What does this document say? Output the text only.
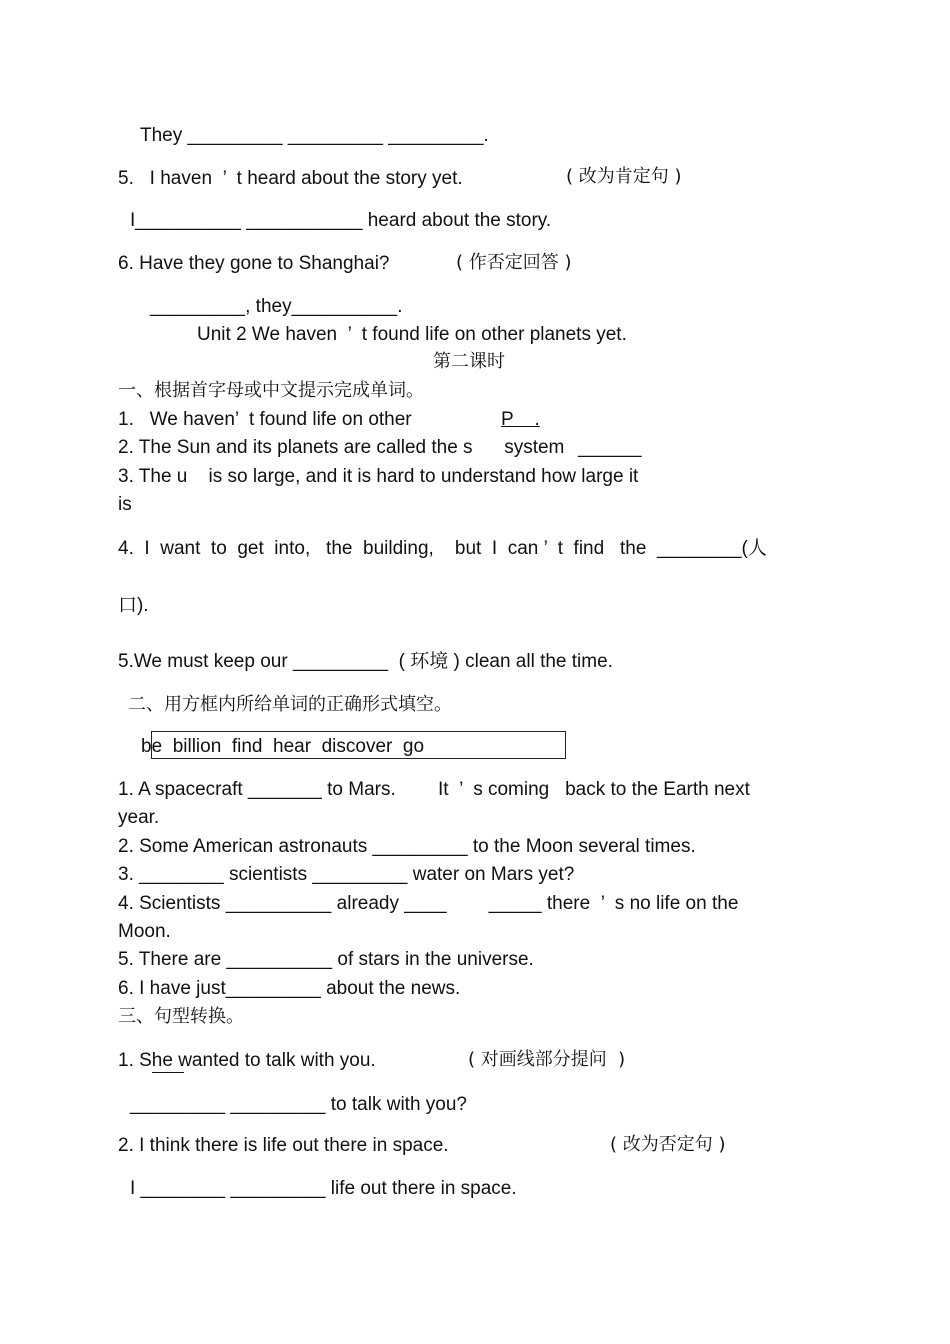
They _________ _________ _________.
5.   I haven  ’  t heard about the story yet.	( 改为肯定句 )
I__________ ___________ heard about the story.
6. Have they gone to Shanghai?	( 作否定回答 )
_________, they__________.
Unit 2 We haven  ’  t found life on other planets yet.
第二课时
一、根据首字母或中文提示完成单词。
1.   We haven’  t found life on other	P    .
2. The Sun and its planets are called the s      system ______
3. The u    is so large, and it is hard to understand how large it
is
4.  I  want  to  get  into,   the  building,    but  I  can ’  t  find   the  ________(人
口).
5.We must keep our _________  ( 环境 ) clean all the time.
二、用方框内所给单词的正确形式填空。
be  billion  find  hear  discover  go
1. A spacecraft _______ to Mars.        It  ’  s coming   back to the Earth next
year.
2. Some American astronauts _________ to the Moon several times.
3. ________ scientists _________ water on Mars yet?
4. Scientists __________ already ____        _____ there  ’  s no life on the
Moon.
5. There are __________ of stars in the universe.
6. I have just_________ about the news.
三、句型转换。
1. She wanted to talk with you.	( 对画线部分提问  )
_________ _________ to talk with you?
2. I think there is life out there in space.	( 改为否定句 )
I ________ _________ life out there in space.
